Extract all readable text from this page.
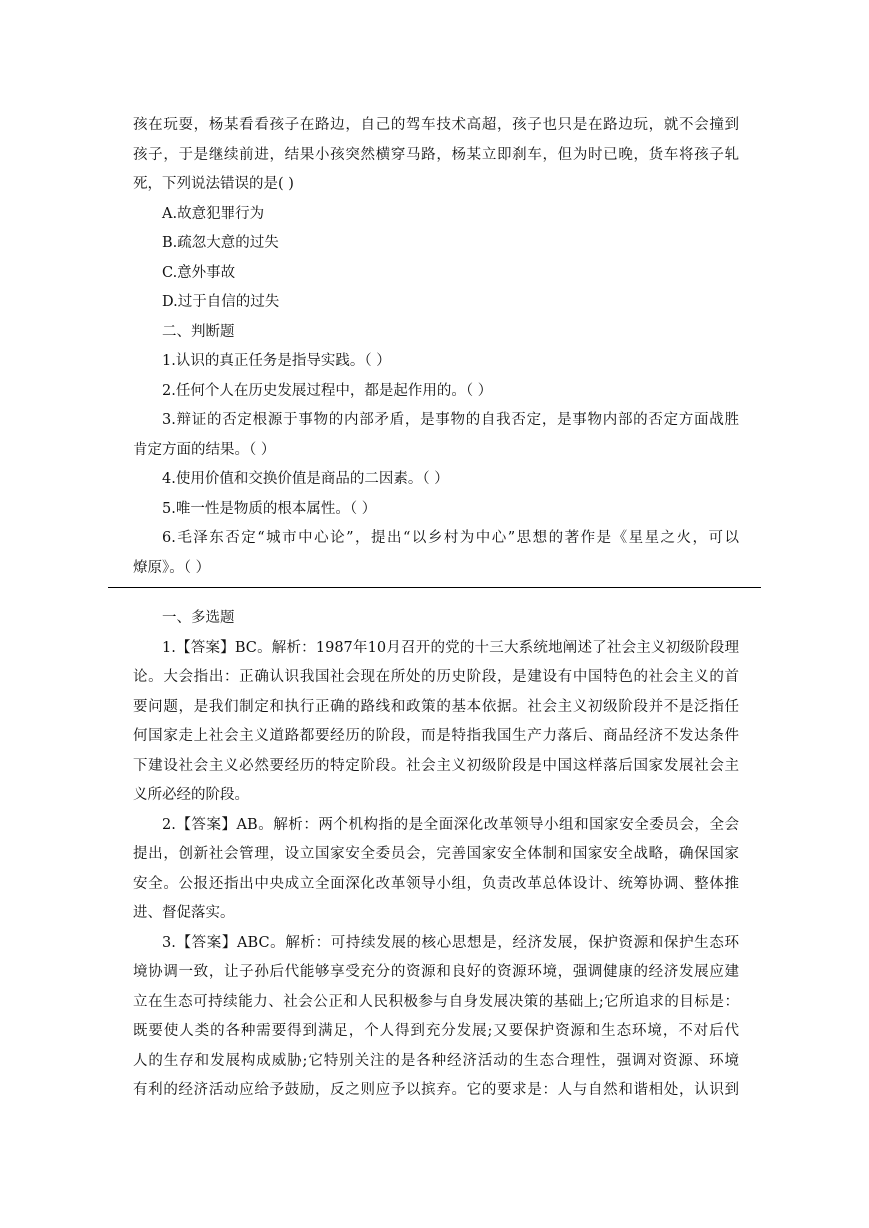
孩在玩耍，杨某看看孩子在路边，自己的驾车技术高超，孩子也只是在路边玩，就不会撞到
孩子，于是继续前进，结果小孩突然横穿马路，杨某立即刹车，但为时已晚，货车将孩子轧
死，下列说法错误的是( )
A.故意犯罪行为
B.疏忽大意的过失
C.意外事故
D.过于自信的过失
二、判断题
1.认识的真正任务是指导实践。（ ）
2.任何个人在历史发展过程中，都是起作用的。（ ）
3.辩证的否定根源于事物的内部矛盾，是事物的自我否定，是事物内部的否定方面战胜
肯定方面的结果。（ ）
4.使用价值和交换价值是商品的二因素。（ ）
5.唯一性是物质的根本属性。（ ）
6.毛泽东否定“城市中心论”，提出“以乡村为中心”思想的著作是《星星之火，可以
燎原》。（ ）
一、多选题
1.【答案】BC。解析：1987年10月召开的党的十三大系统地阐述了社会主义初级阶段理
论。大会指出：正确认识我国社会现在所处的历史阶段，是建设有中国特色的社会主义的首
要问题，是我们制定和执行正确的路线和政策的基本依据。社会主义初级阶段并不是泛指任
何国家走上社会主义道路都要经历的阶段，而是特指我国生产力落后、商品经济不发达条件
下建设社会主义必然要经历的特定阶段。社会主义初级阶段是中国这样落后国家发展社会主
义所必经的阶段。
2.【答案】AB。解析：两个机构指的是全面深化改革领导小组和国家安全委员会，全会
提出，创新社会管理，设立国家安全委员会，完善国家安全体制和国家安全战略，确保国家
安全。公报还指出中央成立全面深化改革领导小组，负责改革总体设计、统筹协调、整体推
进、督促落实。
3.【答案】ABC。解析：可持续发展的核心思想是，经济发展，保护资源和保护生态环
境协调一致，让子孙后代能够享受充分的资源和良好的资源环境，强调健康的经济发展应建
立在生态可持续能力、社会公正和人民积极参与自身发展决策的基础上;它所追求的目标是：
既要使人类的各种需要得到满足，个人得到充分发展;又要保护资源和生态环境，不对后代
人的生存和发展构成威胁;它特别关注的是各种经济活动的生态合理性，强调对资源、环境
有利的经济活动应给予鼓励，反之则应予以摈弃。它的要求是：人与自然和谐相处，认识到
